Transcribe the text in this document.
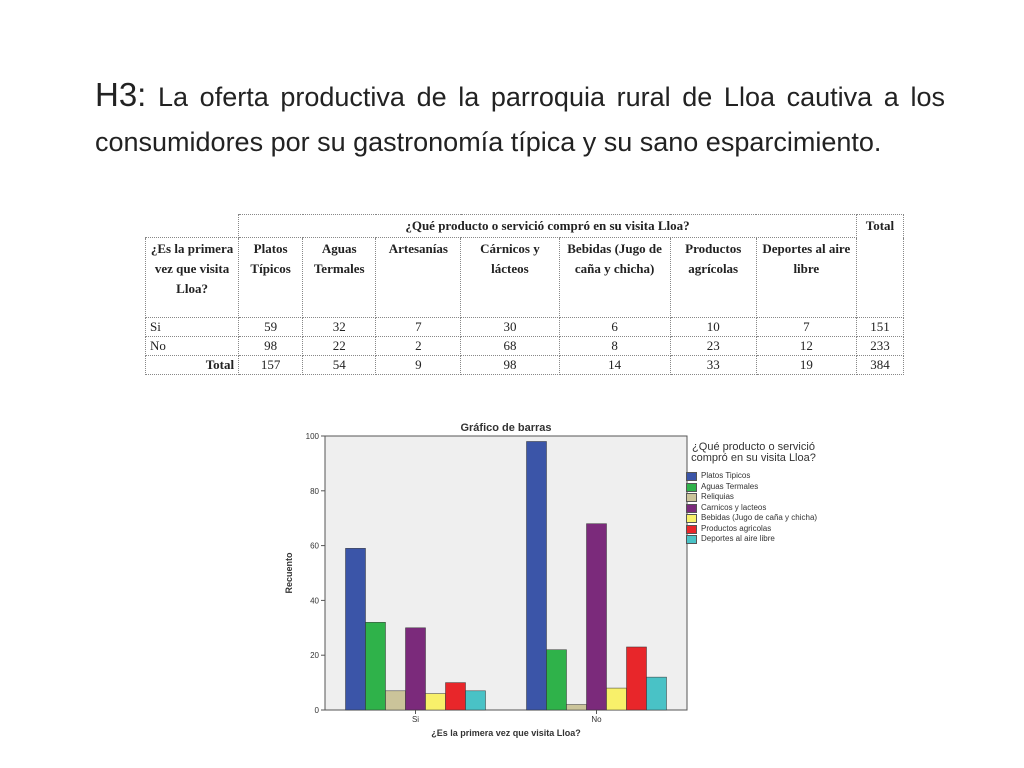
H3: La oferta productiva de la parroquia rural de Lloa cautiva a los consumidores por su gastronomía típica y su sano esparcimiento.
	¿Qué producto o servició compró en su visita Lloa?							Total
¿Es la primera vez que visita Lloa?	Platos Típicos	Aguas Termales	Artesanías	Cárnicos y lácteos	Bebidas (Jugo de caña y chicha)	Productos agrícolas	Deportes al aire libre	
Si	59	32	7	30	6	10	7	151
No	98	22	2	68	8	23	12	233
Total	157	54	9	98	14	33	19	384
Gráfico de barras
0
20
40
60
80
100
Recuento
Si	No
¿Es la primera vez que visita Lloa?
¿Qué producto o servició compró en su visita Lloa?
Platos Tipicos
Aguas Termales
Reliquias
Carnicos y lacteos
Bebidas (Jugo de caña y chicha)
Productos agricolas
Deportes al aire libre
